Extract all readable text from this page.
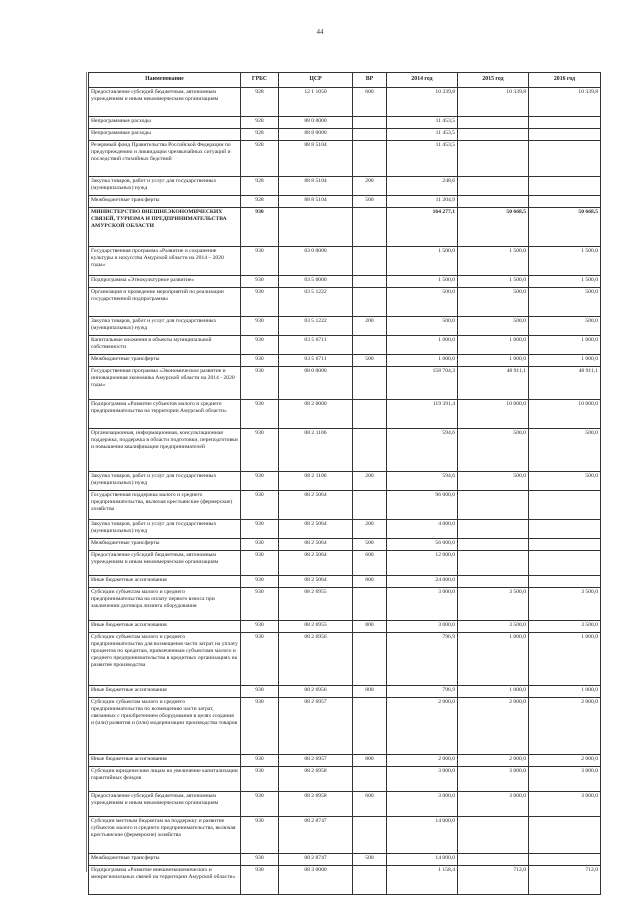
44
Наименование	ГРБС	ЦСР	ВР	2014 год	2015 год	2016 год
Предоставление субсидий бюджетным, автономным учреждениям и иным некоммерческим организациям	928	12 1 1050	600	10 339,8	10 339,8	10 339,8
Непрограммные расходы	928	88 0 0000		11 453,5		
Непрограммные расходы	928	88 8 0000		11 453,5		
Резервный фонд Правительства Российской Федерации по предупреждению и ликвидации чрезвычайных ситуаций и последствий стихийных бедствий	928	88 8 5104		11 453,5		
Закупка товаров, работ и услуг для государственных (муниципальных) нужд	928	88 8 5104	200	248,6		
Межбюджетные трансферты	928	88 8 5104	500	11 204,9		
МИНИСТЕРСТВО ВНЕШНЕЭКОНОМИЧЕСКИХ СВЯЗЕЙ, ТУРИЗМА И ПРЕДПРИНИМАТЕЛЬСТВА АМУРСКОЙ ОБЛАСТИ	930			164 277,1	50 668,5	50 668,5
Государственная программа «Развитие и сохранение культуры и искусства Амурской области на 2014 – 2020 годы»	930	03 0 0000		1 500,0	1 500,0	1 500,0
Подпрограмма «Этнокультурное развитие»	930	03 5 0000		1 500,0	1 500,0	1 500,0
Организация и проведение мероприятий по реализации государственной подпрограммы	930	03 5 1222		500,0	500,0	500,0
Закупка товаров, работ и услуг для государственных (муниципальных) нужд	930	03 5 1222	200	500,0	500,0	500,0
Капитальные вложения в объекты муниципальной собственности	930	03 5 6711		1 000,0	1 000,0	1 000,0
Межбюджетные трансферты	930	03 5 6711	500	1 000,0	1 000,0	1 000,0
Государственная программа «Экономическое развитие и инновационная экономика Амурской области на 2014 - 2020 годы»	930	08 0 0000		158 704,3	48 911,1	48 911,1
Подпрограмма «Развитие субъектов малого и среднего предпринимательства на территории Амурской области»	930	08 2 0000		119 391,4	10 000,0	10 000,0
Организационная, информационная, консультационная поддержка, поддержка в области подготовки, переподготовки и повышения квалификации предпринимателей	930	08 2 1106		594,6	500,0	500,0
Закупка товаров, работ и услуг для государственных (муниципальных) нужд	930	08 2 1106	200	594,6	500,0	500,0
Государственная поддержка малого и среднего предпринимательства, включая крестьянские (фермерские) хозяйства	930	08 2 5064		96 000,0		
Закупка товаров, работ и услуг для государственных (муниципальных) нужд	930	08 2 5064	200	4 000,0		
Межбюджетные трансферты	930	08 2 5064	500	56 000,0		
Предоставление субсидий бюджетным, автономным учреждениям и иным некоммерческим организациям	930	08 2 5064	600	12 000,0		
Иные бюджетные ассигнования	930	08 2 5064	800	24 000,0		
Субсидии субъектам малого и среднего предпринимательства на оплату первого взноса при заключении договора лизинга оборудования	930	08 2 6955		3 000,0	3 500,0	3 500,0
Иные бюджетные ассигнования	930	08 2 6955	800	3 000,0	3 500,0	3 500,0
Субсидии субъектам малого и среднего предпринимательства для возмещения части затрат на уплату процентов по кредитам, привлеченным субъектами малого и среднего предпринимательства в кредитных организациях на развитие производства	930	08 2 6956		796,9	1 000,0	1 000,0
Иные бюджетные ассигнования	930	08 2 6956	800	796,9	1 000,0	1 000,0
Субсидии субъектам малого и среднего предпринимательства по возмещению части затрат, связанных с приобретением оборудования в целях создания и (или) развития и (или) модернизации производства товаров	930	08 2 6957		2 000,0	2 000,0	2 000,0
Иные бюджетные ассигнования	930	08 2 6957	800	2 000,0	2 000,0	2 000,0
Субсидии юридическим лицам на увеличение капитализации гарантийных фондов	930	08 2 6958		3 000,0	3 000,0	3 000,0
Предоставление субсидий бюджетным, автономным учреждениям и иным некоммерческим организациям	930	08 2 6958	600	3 000,0	3 000,0	3 000,0
Субсидии местным бюджетам на поддержку и развитие субъектов малого и среднего предпринимательства, включая крестьянские (фермерские) хозяйства	930	08 2 8747		14 000,0		
Межбюджетные трансферты	930	08 2 8747	500	14 000,0		
Подпрограмма «Развитие внешнеэкономических и межрегиональных связей на территории Амурской области»	930	08 3 0000		1 158,4	712,0	712,0
